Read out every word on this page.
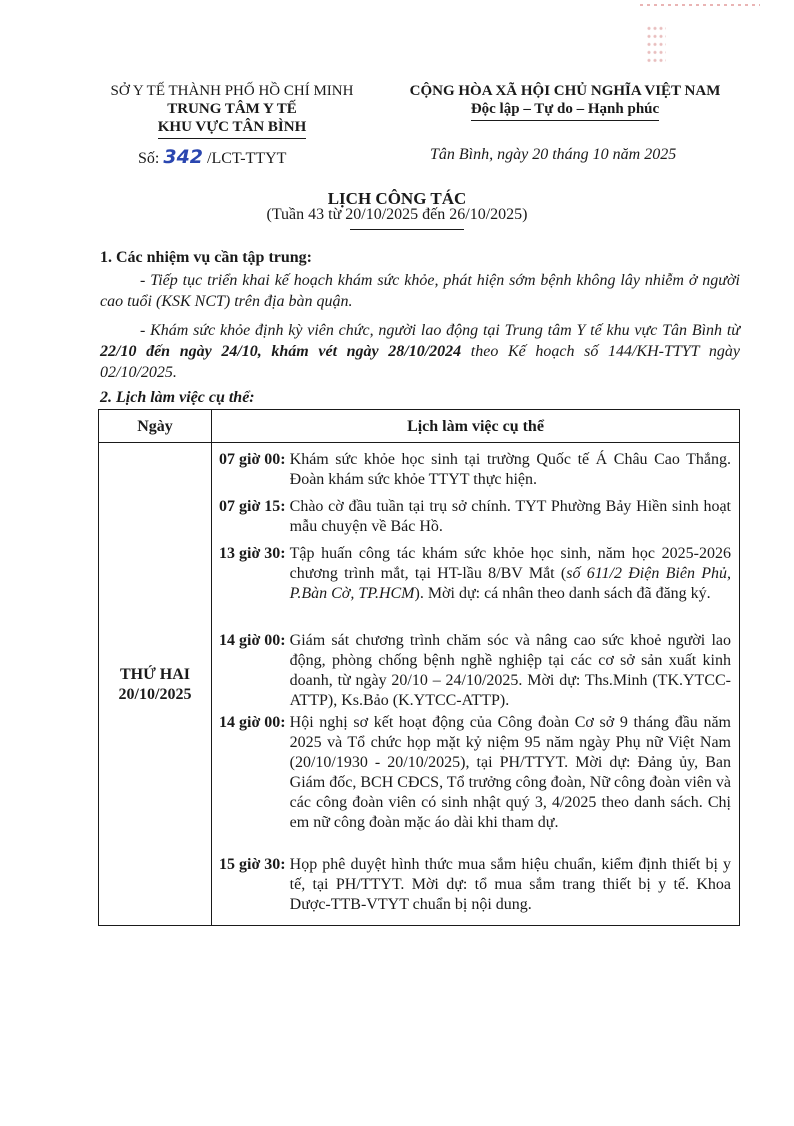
SỞ Y TẾ THÀNH PHỐ HỒ CHÍ MINH
TRUNG TÂM Y TẾ
KHU VỰC TÂN BÌNH
CỘNG HÒA XÃ HỘI CHỦ NGHĨA VIỆT NAM
Độc lập – Tự do – Hạnh phúc
Số: 342 /LCT-TTYT	Tân Bình, ngày 20 tháng 10 năm 2025
LỊCH CÔNG TÁC
(Tuần 43 từ 20/10/2025 đến 26/10/2025)
1. Các nhiệm vụ cần tập trung:
- Tiếp tục triển khai kế hoạch khám sức khỏe, phát hiện sớm bệnh không lây nhiễm ở người cao tuổi (KSK NCT) trên địa bàn quận.
- Khám sức khỏe định kỳ viên chức, người lao động tại Trung tâm Y tế khu vực Tân Bình từ 22/10 đến ngày 24/10, khám vét ngày 28/10/2024 theo Kế hoạch số 144/KH-TTYT ngày 02/10/2025.
2. Lịch làm việc cụ thể:
Ngày	Lịch làm việc cụ thể
THỨ HAI
20/10/2025
07 giờ 00: Khám sức khỏe học sinh tại trường Quốc tế Á Châu Cao Thắng. Đoàn khám sức khỏe TTYT thực hiện.
07 giờ 15: Chào cờ đầu tuần tại trụ sở chính. TYT Phường Bảy Hiền sinh hoạt mẫu chuyện về Bác Hồ.
13 giờ 30: Tập huấn công tác khám sức khỏe học sinh, năm học 2025-2026 chương trình mắt, tại HT-lầu 8/BV Mắt (số 611/2 Điện Biên Phủ, P.Bàn Cờ, TP.HCM). Mời dự: cá nhân theo danh sách đã đăng ký.
14 giờ 00: Giám sát chương trình chăm sóc và nâng cao sức khoẻ người lao động, phòng chống bệnh nghề nghiệp tại các cơ sở sản xuất kinh doanh, từ ngày 20/10 – 24/10/2025. Mời dự: Ths.Minh (TK.YTCC-ATTP), Ks.Bảo (K.YTCC-ATTP).
14 giờ 00: Hội nghị sơ kết hoạt động của Công đoàn Cơ sở 9 tháng đầu năm 2025 và Tổ chức họp mặt kỷ niệm 95 năm ngày Phụ nữ Việt Nam (20/10/1930 - 20/10/2025), tại PH/TTYT. Mời dự: Đảng ủy, Ban Giám đốc, BCH CĐCS, Tổ trưởng công đoàn, Nữ công đoàn viên và các công đoàn viên có sinh nhật quý 3, 4/2025 theo danh sách. Chị em nữ công đoàn mặc áo dài khi tham dự.
15 giờ 30: Họp phê duyệt hình thức mua sắm hiệu chuẩn, kiểm định thiết bị y tế, tại PH/TTYT. Mời dự: tổ mua sắm trang thiết bị y tế. Khoa Dược-TTB-VTYT chuẩn bị nội dung.
